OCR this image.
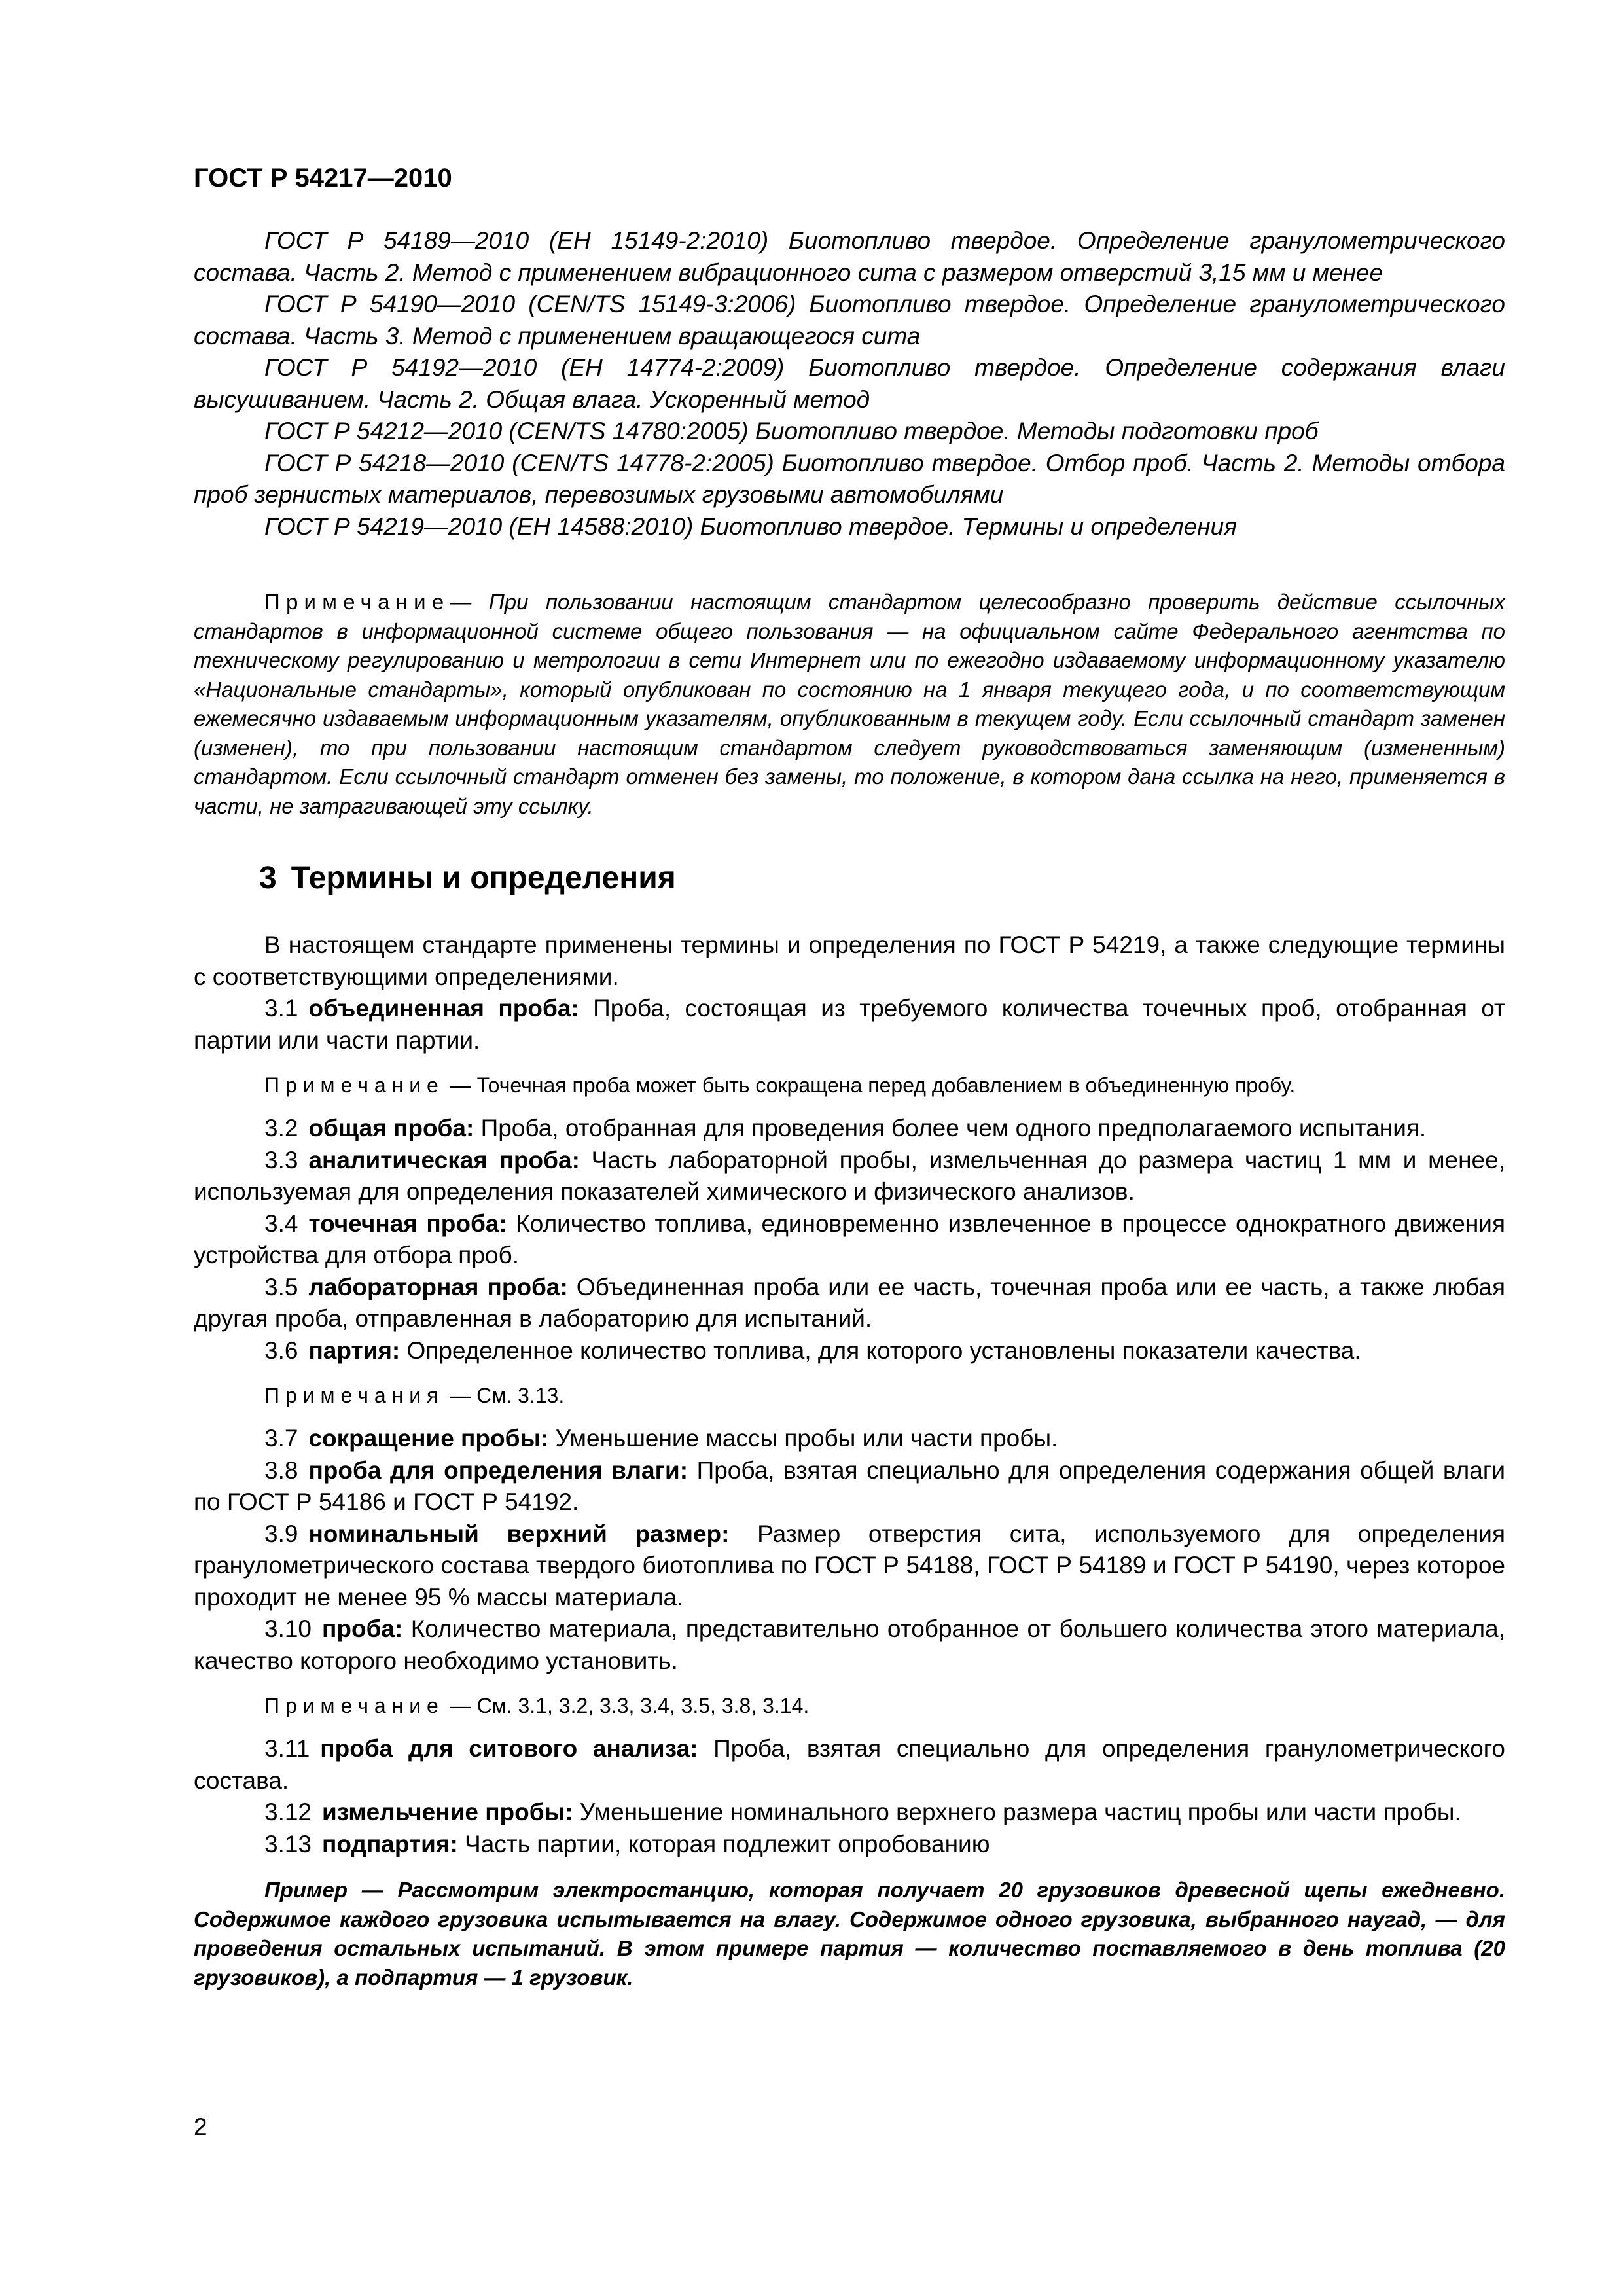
ГОСТ Р 54217—2010

ГОСТ Р 54189—2010 (ЕН 15149-2:2010) Биотопливо твердое. Определение гранулометрического состава. Часть 2. Метод с применением вибрационного сита с размером отверстий 3,15 мм и менее

ГОСТ Р 54190—2010 (CEN/TS 15149-3:2006) Биотопливо твердое. Определение гранулометрического состава. Часть 3. Метод с применением вращающегося сита

ГОСТ Р 54192—2010 (ЕН 14774-2:2009) Биотопливо твердое. Определение содержания влаги высушиванием. Часть 2. Общая влага. Ускоренный метод

ГОСТ Р 54212—2010 (CEN/TS 14780:2005) Биотопливо твердое. Методы подготовки проб

ГОСТ Р 54218—2010 (CEN/TS 14778-2:2005) Биотопливо твердое. Отбор проб. Часть 2. Методы отбора проб зернистых материалов, перевозимых грузовыми автомобилями

ГОСТ Р 54219—2010 (ЕН 14588:2010) Биотопливо твердое. Термины и определения

Примечание— При пользовании настоящим стандартом целесообразно проверить действие ссылочных стандартов в информационной системе общего пользования — на официальном сайте Федерального агентства по техническому регулированию и метрологии в сети Интернет или по ежегодно издаваемому информационному указателю «Национальные стандарты», который опубликован по состоянию на 1 января текущего года, и по соответствующим ежемесячно издаваемым информационным указателям, опубликованным в текущем году. Если ссылочный стандарт заменен (изменен), то при пользовании настоящим стандартом следует руководствоваться заменяющим (измененным) стандартом. Если ссылочный стандарт отменен без замены, то положение, в котором дана ссылка на него, применяется в части, не затрагивающей эту ссылку.

3 Термины и определения

В настоящем стандарте применены термины и определения по ГОСТ Р 54219, а также следующие термины с соответствующими определениями.

3.1 объединенная проба: Проба, состоящая из требуемого количества точечных проб, отобранная от партии или части партии.

Примечание — Точечная проба может быть сокращена перед добавлением в объединенную пробу.

3.2 общая проба: Проба, отобранная для проведения более чем одного предполагаемого испытания.

3.3 аналитическая проба: Часть лабораторной пробы, измельченная до размера частиц 1 мм и менее, используемая для определения показателей химического и физического анализов.

3.4 точечная проба: Количество топлива, единовременно извлеченное в процессе однократного движения устройства для отбора проб.

3.5 лабораторная проба: Объединенная проба или ее часть, точечная проба или ее часть, а также любая другая проба, отправленная в лабораторию для испытаний.

3.6 партия: Определенное количество топлива, для которого установлены показатели качества.

Примечания — См. 3.13.

3.7 сокращение пробы: Уменьшение массы пробы или части пробы.

3.8 проба для определения влаги: Проба, взятая специально для определения содержания общей влаги по ГОСТ Р 54186 и ГОСТ Р 54192.

3.9 номинальный верхний размер: Размер отверстия сита, используемого для определения гранулометрического состава твердого биотоплива по ГОСТ Р 54188, ГОСТ Р 54189 и ГОСТ Р 54190, через которое проходит не менее 95 % массы материала.

3.10 проба: Количество материала, представительно отобранное от большего количества этого материала, качество которого необходимо установить.

Примечание — См. 3.1, 3.2, 3.3, 3.4, 3.5, 3.8, 3.14.

3.11 проба для ситового анализа: Проба, взятая специально для определения гранулометрического состава.

3.12 измельчение пробы: Уменьшение номинального верхнего размера частиц пробы или части пробы.

3.13 подпартия: Часть партии, которая подлежит опробованию

Пример — Рассмотрим электростанцию, которая получает 20 грузовиков древесной щепы ежедневно. Содержимое каждого грузовика испытывается на влагу. Содержимое одного грузовика, выбранного наугад, — для проведения остальных испытаний. В этом примере партия — количество поставляемого в день топлива (20 грузовиков), а подпартия — 1 грузовик.

2
